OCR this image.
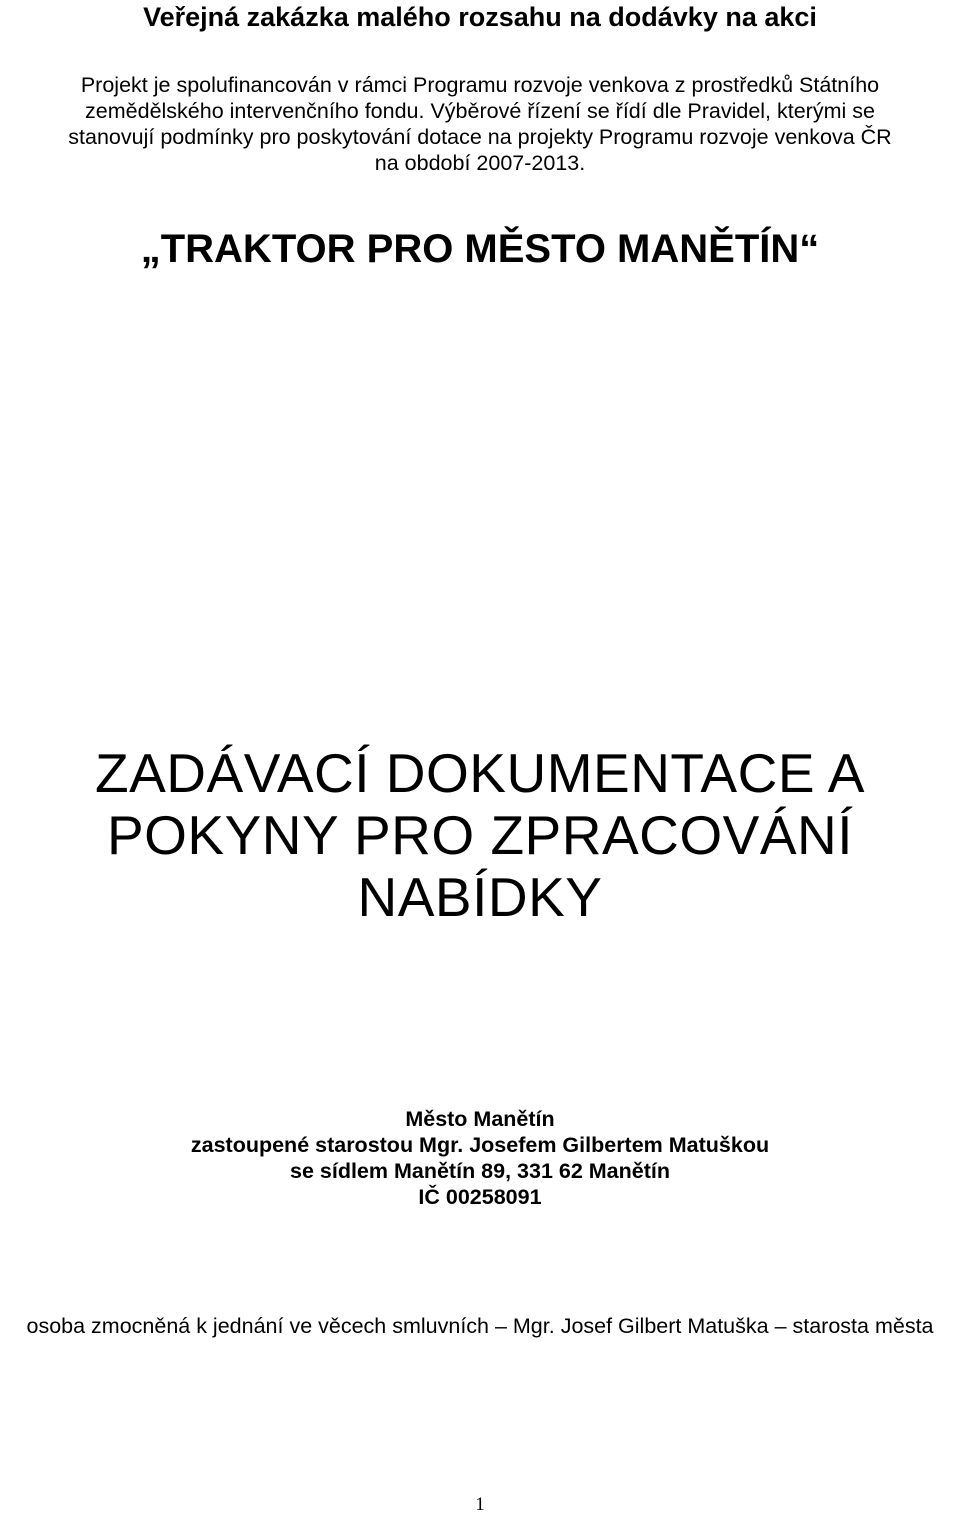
Veřejná zakázka malého rozsahu na dodávky na akci

Projekt je spolufinancován v rámci Programu rozvoje venkova z prostředků Státního

zemědělského intervenčního fondu. Výběrové řízení se řídí dle Pravidel, kterými se

stanovují podmínky pro poskytování dotace na projekty Programu rozvoje venkova ČR

na období 2007-2013.

„TRAKTOR PRO MĚSTO MANĚTÍN“
ZADÁVACÍ DOKUMENTACE A
POKYNY PRO ZPRACOVÁNÍ
NABÍDKY
Město Manětín
zastoupené starostou Mgr. Josefem Gilbertem Matuškou
se sídlem Manětín 89, 331 62 Manětín
IČ 00258091
osoba zmocněná k jednání ve věcech smluvních – Mgr. Josef Gilbert Matuška – starosta města
1
